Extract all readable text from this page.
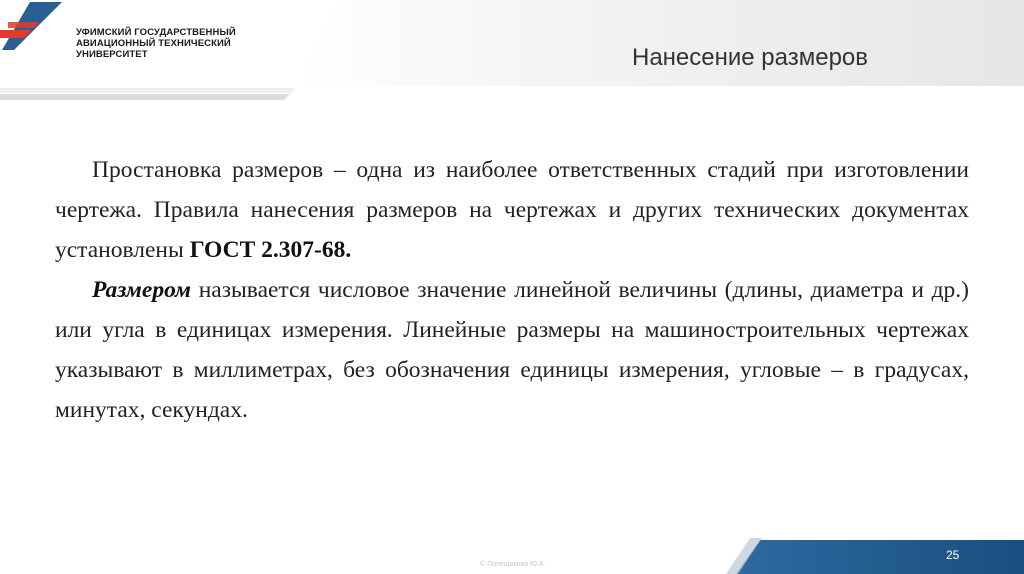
УФИМСКИЙ ГОСУДАРСТВЕННЫЙ
АВИАЦИОННЫЙ ТЕХНИЧЕСКИЙ
УНИВЕРСИТЕТ	Нанесение размеров

Простановка размеров – одна из наиболее ответственных стадий при изготовлении чертежа. Правила нанесения размеров на чертежах и других технических документах установлены ГОСТ 2.307-68.

Размером называется числовое значение линейной величины (длины, диаметра и др.) или угла в единицах измерения. Линейные размеры на машиностроительных чертежах указывают в миллиметрах, без обозначения единицы измерения, угловые – в градусах, минутах, секундах.

25
© Полещикова Ю.А.
